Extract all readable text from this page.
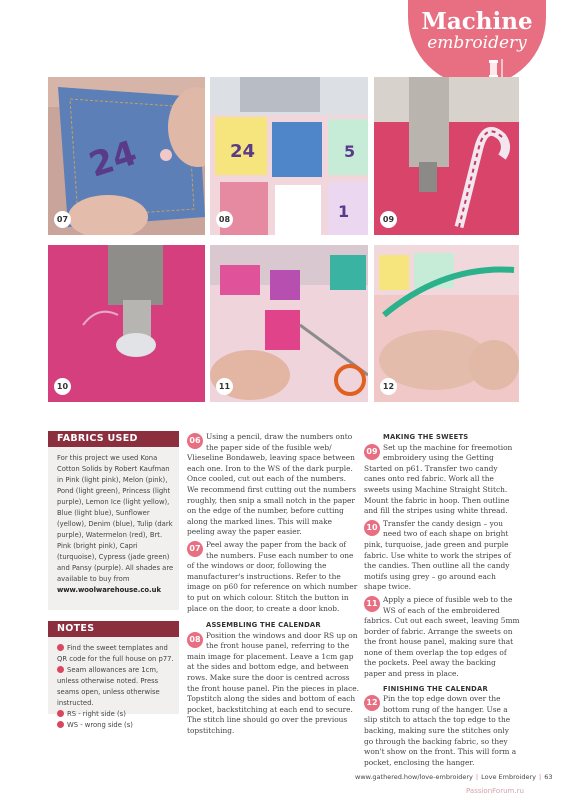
Machine
embroidery
24
07
24	5
1
08	09
10	11	12
FABRICS USED
For this project we used Kona Cotton Solids by Robert Kaufman in Pink (light pink), Melon (pink), Pond (light green), Princess (light purple), Lemon Ice (light yellow), Blue (light blue), Sunflower (yellow), Denim (blue), Tulip (dark purple), Watermelon (red), Brt. Pink (bright pink), Capri (turquoise), Cypress (jade green) and Pansy (purple). All shades are available to buy from www.woolwarehouse.co.uk
NOTES
Find the sweet templates and QR code for the full house on p77.
Seam allowances are 1cm, unless otherwise noted. Press seams open, unless otherwise instructed.
RS - right side (s)
WS - wrong side (s)
06 Using a pencil, draw the numbers onto the paper side of the fusible web/ Vlieseline Bondaweb, leaving space between each one. Iron to the WS of the dark purple. Once cooled, cut out each of the numbers. We recommend first cutting out the numbers roughly, then snip a small notch in the paper on the edge of the number, before cutting along the marked lines. This will make peeling away the paper easier.
07 Peel away the paper from the back of the numbers. Fuse each number to one of the windows or door, following the manufacturer's instructions. Refer to the image on p60 for reference on which number to put on which colour. Stitch the button in place on the door, to create a door knob.
ASSEMBLING THE CALENDAR
08 Position the windows and door RS up on the front house panel, referring to the main image for placement. Leave a 1cm gap at the sides and bottom edge, and between rows. Make sure the door is centred across the front house panel. Pin the pieces in place. Topstitch along the sides and bottom of each pocket, backstitching at each end to secure. The stitch line should go over the previous topstitching.
MAKING THE SWEETS
09 Set up the machine for freemotion embroidery using the Getting Started on p61. Transfer two candy canes onto red fabric. Work all the sweets using Machine Straight Stitch. Mount the fabric in hoop. Then outline and fill the stripes using white thread.
10 Transfer the candy design – you need two of each shape on bright pink, turquoise, jade green and purple fabric. Use white to work the stripes of the candies. Then outline all the candy motifs using grey – go around each shape twice.
11 Apply a piece of fusible web to the WS of each of the embroidered fabrics. Cut out each sweet, leaving 5mm border of fabric. Arrange the sweets on the front house panel, making sure that none of them overlap the top edges of the pockets. Peel away the backing paper and press in place.
FINISHING THE CALENDAR
12 Pin the top edge down over the bottom rung of the hanger. Use a slip stitch to attach the top edge to the backing, making sure the stitches only go through the backing fabric, so they won't show on the front. This will form a pocket, enclosing the hanger.
www.gathered.how/love-embroidery | Love Embroidery | 63
PassionForum.ru
